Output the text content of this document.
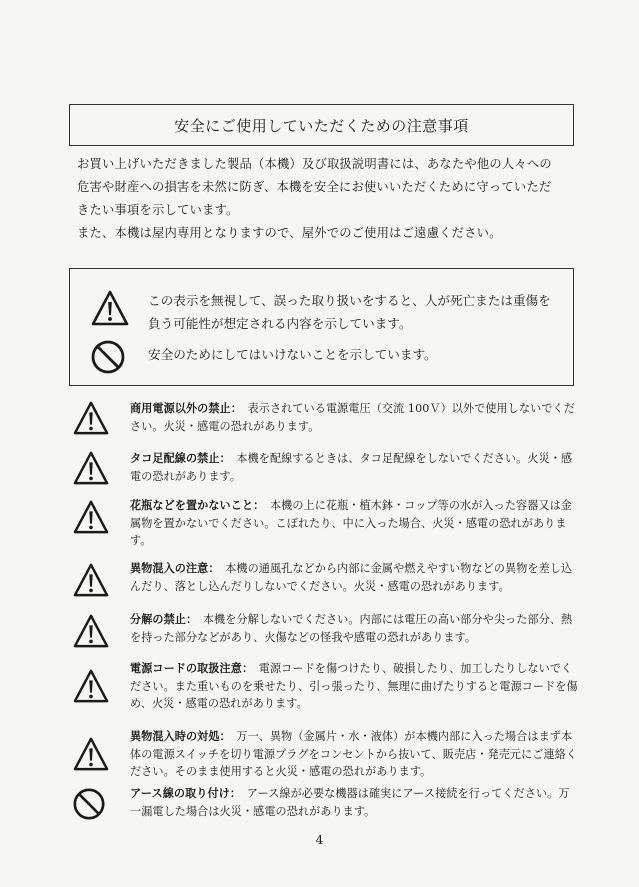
安全にご使用していただくための注意事項

お買い上げいただきました製品（本機）及び取扱説明書には、あなたや他の人々への

危害や財産への損害を未然に防ぎ、本機を安全にお使いいただくために守っていただ

きたい事項を示しています。

また、本機は屋内専用となりますので、屋外でのご使用はご遠慮ください。

この表示を無視して、誤った取り扱いをすると、人が死亡または重傷を負う可能性が想定される内容を示しています。
安全のためにしてはいけないことを示しています。
商用電源以外の禁止：　表示されている電源電圧（交流 100Ｖ）以外で使用しないでください。火災・感電の恐れがあります。
タコ足配線の禁止：　本機を配線するときは、タコ足配線をしないでください。火災・感電の恐れがあります。
花瓶などを置かないこと：　本機の上に花瓶・植木鉢・コップ等の水が入った容器又は金属物を置かないでください。こぼれたり、中に入った場合、火災・感電の恐れがあります。
異物混入の注意：　本機の通風孔などから内部に金属や燃えやすい物などの異物を差し込んだり、落とし込んだりしないでください。火災・感電の恐れがあります。
分解の禁止：　本機を分解しないでください。内部には電圧の高い部分や尖った部分、熱を持った部分などがあり、火傷などの怪我や感電の恐れがあります。
電源コードの取扱注意：　電源コードを傷つけたり、破損したり、加工したりしないでください。また重いものを乗せたり、引っ張ったり、無理に曲げたりすると電源コードを傷め、火災・感電の恐れがあります。
異物混入時の対処：　万一、異物（金属片・水・液体）が本機内部に入った場合はまず本体の電源スイッチを切り電源プラグをコンセントから抜いて、販売店・発売元にご連絡ください。そのまま使用すると火災・感電の恐れがあります。
アース線の取り付け：　アース線が必要な機器は確実にアース接続を行ってください。万一漏電した場合は火災・感電の恐れがあります。
4
